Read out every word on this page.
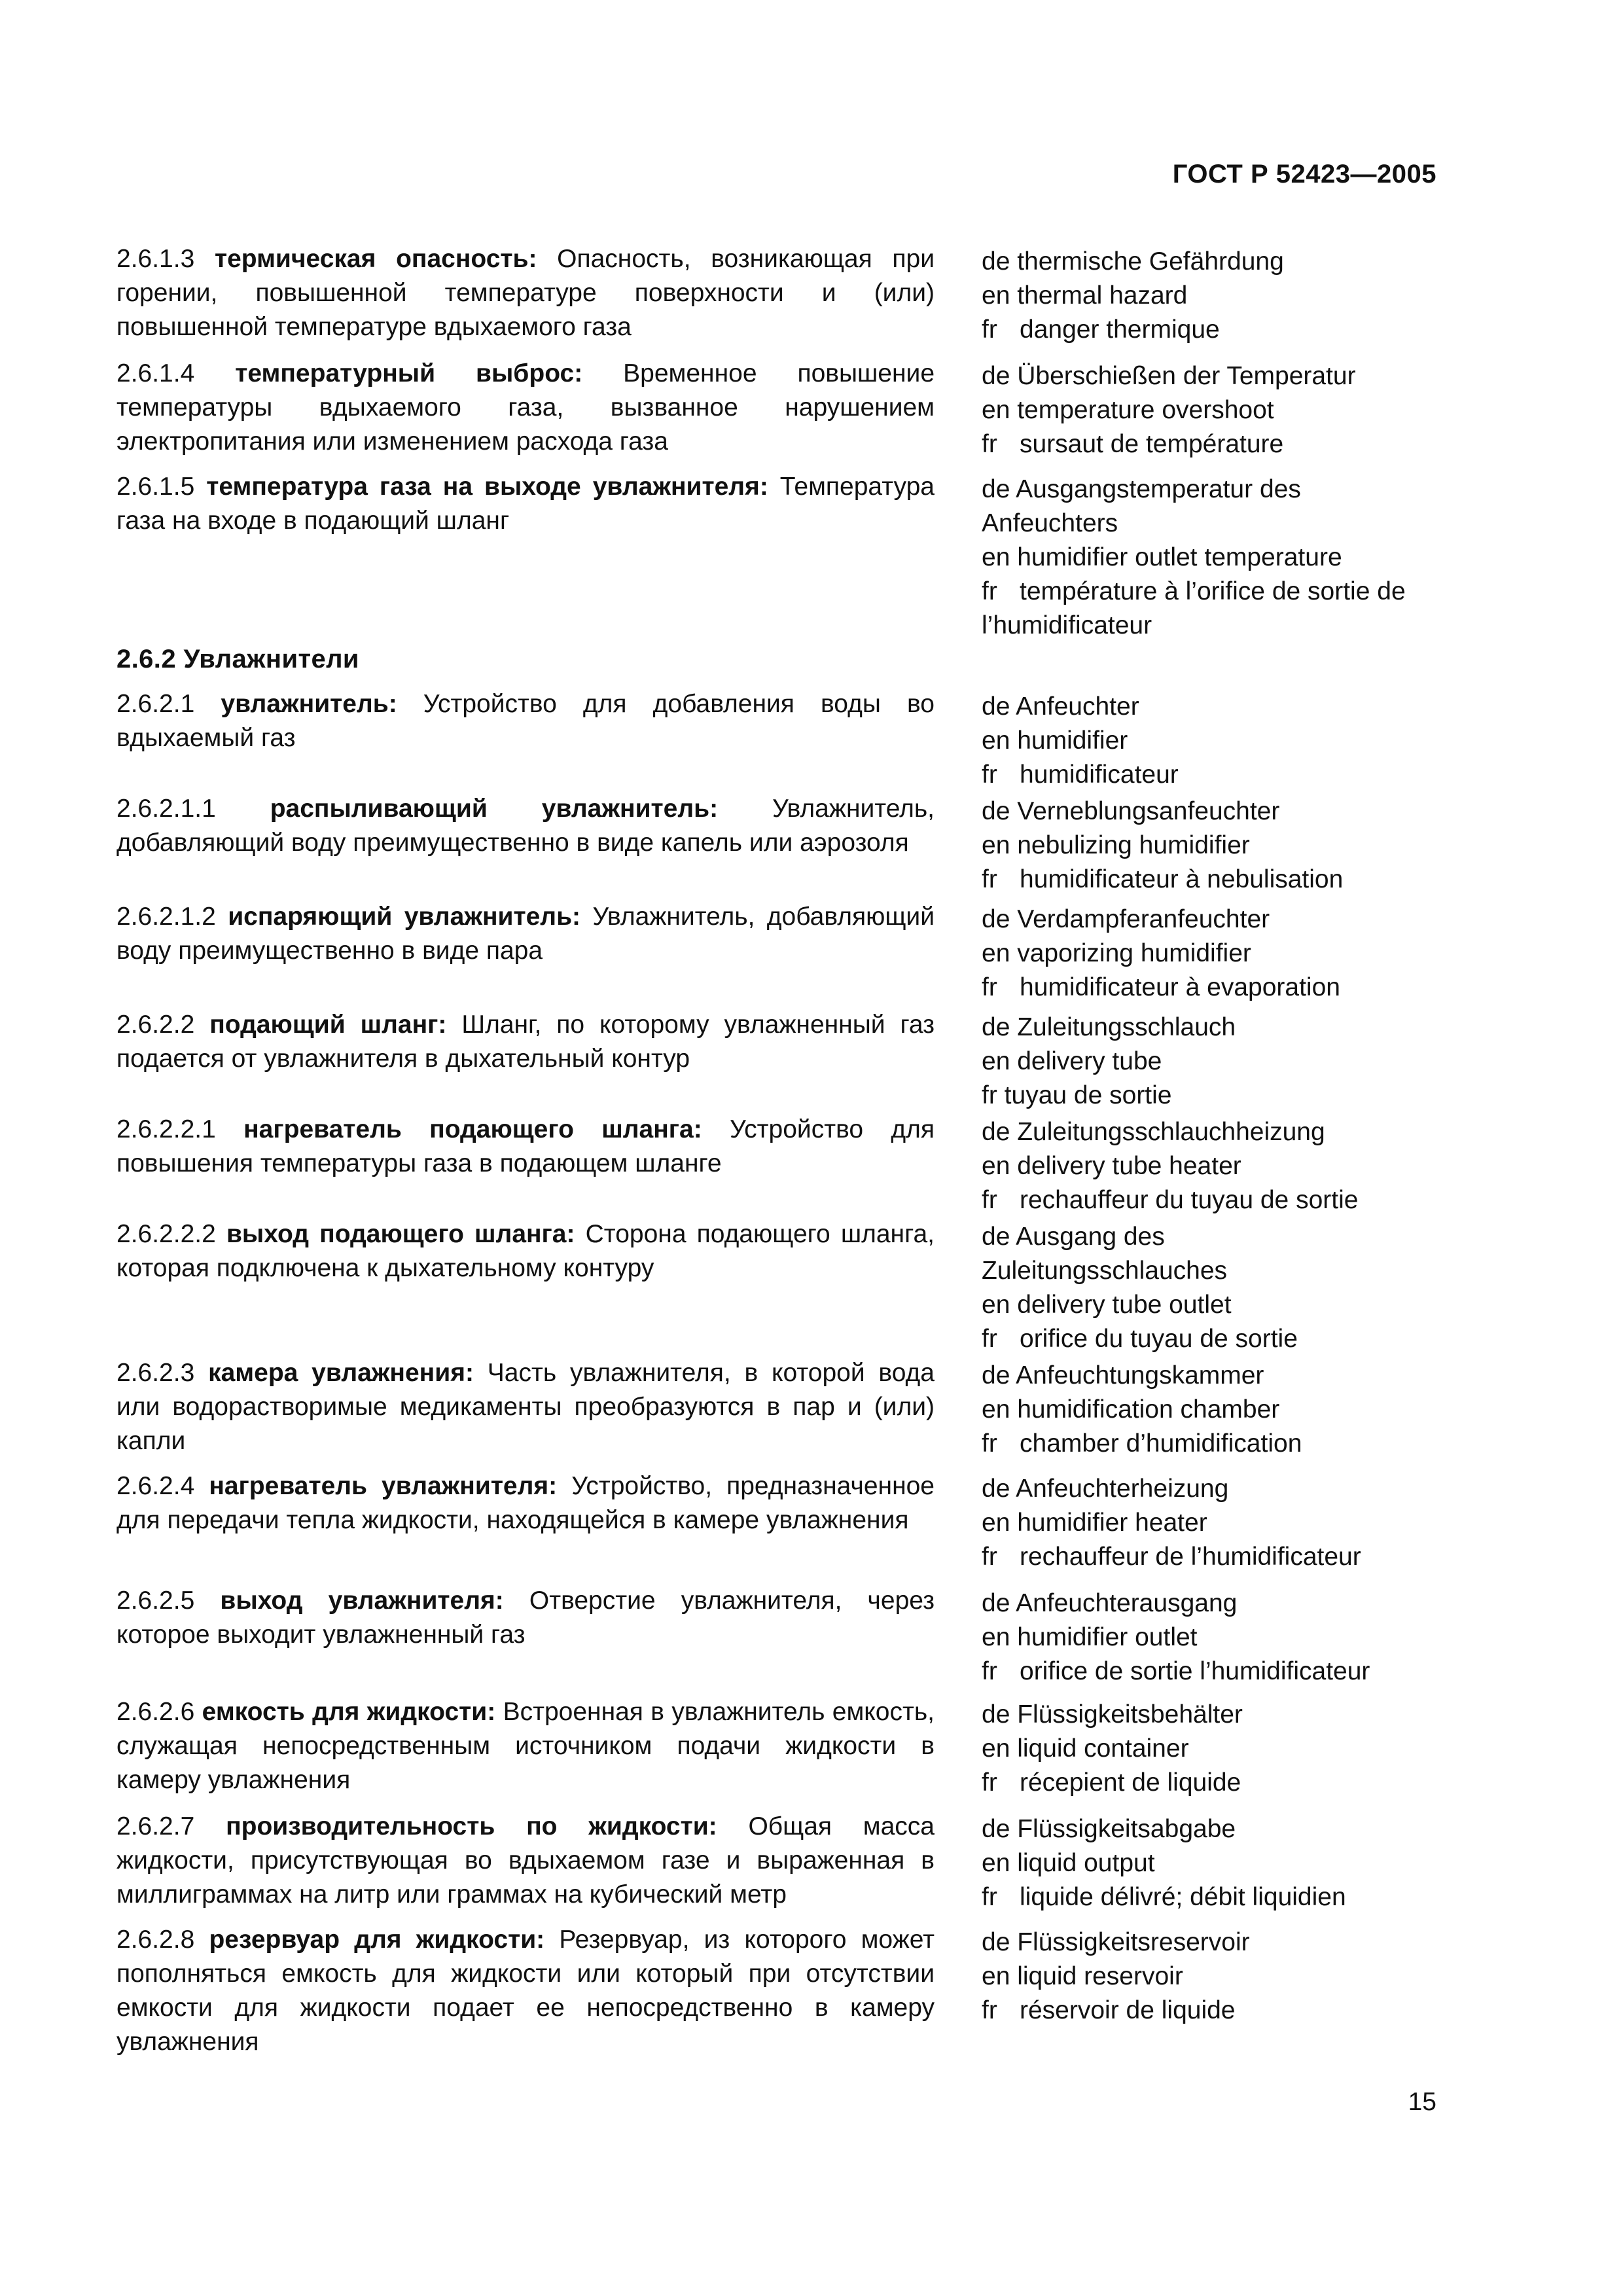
ГОСТ Р 52423—2005
2.6.1.3 термическая опасность: Опасность, возникающая при горении, повышенной температуре поверхности и (или) повышенной температуре вдыхаемого газа
de thermische Gefährdung
en thermal hazard
fr danger thermique
2.6.1.4 температурный выброс: Временное повышение температуры вдыхаемого газа, вызванное нарушением электропитания или изменением расхода газа
de Überschießen der Temperatur
en temperature overshoot
fr sursaut de température
2.6.1.5 температура газа на выходе увлажнителя: Температура газа на входе в подающий шланг
de Ausgangstemperatur des Anfeuchters
en humidifier outlet temperature
fr température à l’orifice de sortie de l’humidificateur
2.6.2 Увлажнители
2.6.2.1 увлажнитель: Устройство для добавления воды во вдыхаемый газ
de Anfeuchter
en humidifier
fr humidificateur
2.6.2.1.1 распыливающий увлажнитель: Увлажнитель, добавляющий воду преимущественно в виде капель или аэрозоля
de Verneblungsanfeuchter
en nebulizing humidifier
fr humidificateur à nebulisation
2.6.2.1.2 испаряющий увлажнитель: Увлажнитель, добавляющий воду преимущественно в виде пара
de Verdampferanfeuchter
en vaporizing humidifier
fr humidificateur à evaporation
2.6.2.2 подающий шланг: Шланг, по которому увлажненный газ подается от увлажнителя в дыхательный контур
de Zuleitungsschlauch
en delivery tube
fr tuyau de sortie
2.6.2.2.1 нагреватель подающего шланга: Устройство для повышения температуры газа в подающем шланге
de Zuleitungsschlauchheizung
en delivery tube heater
fr rechauffeur du tuyau de sortie
2.6.2.2.2 выход подающего шланга: Сторона подающего шланга, которая подключена к дыхательному контуру
de Ausgang des Zuleitungsschlauches
en delivery tube outlet
fr orifice du tuyau de sortie
2.6.2.3 камера увлажнения: Часть увлажнителя, в которой вода или водорастворимые медикаменты преобразуются в пар и (или) капли
de Anfeuchtungskammer
en humidification chamber
fr chamber d’humidification
2.6.2.4 нагреватель увлажнителя: Устройство, предназначенное для передачи тепла жидкости, находящейся в камере увлажнения
de Anfeuchterheizung
en humidifier heater
fr rechauffeur de l’humidificateur
2.6.2.5 выход увлажнителя: Отверстие увлажнителя, через которое выходит увлажненный газ
de Anfeuchterausgang
en humidifier outlet
fr orifice de sortie l’humidificateur
2.6.2.6 емкость для жидкости: Встроенная в увлажнитель емкость, служащая непосредственным источником подачи жидкости в камеру увлажнения
de Flüssigkeitsbehälter
en liquid container
fr récepient de liquide
2.6.2.7 производительность по жидкости: Общая масса жидкости, присутствующая во вдыхаемом газе и выраженная в миллиграммах на литр или граммах на кубический метр
de Flüssigkeitsabgabe
en liquid output
fr liquide délivré; débit liquidien
2.6.2.8 резервуар для жидкости: Резервуар, из которого может пополняться емкость для жидкости или который при отсутствии емкости для жидкости подает ее непосредственно в камеру увлажнения
de Flüssigkeitsreservoir
en liquid reservoir
fr réservoir de liquide
15
